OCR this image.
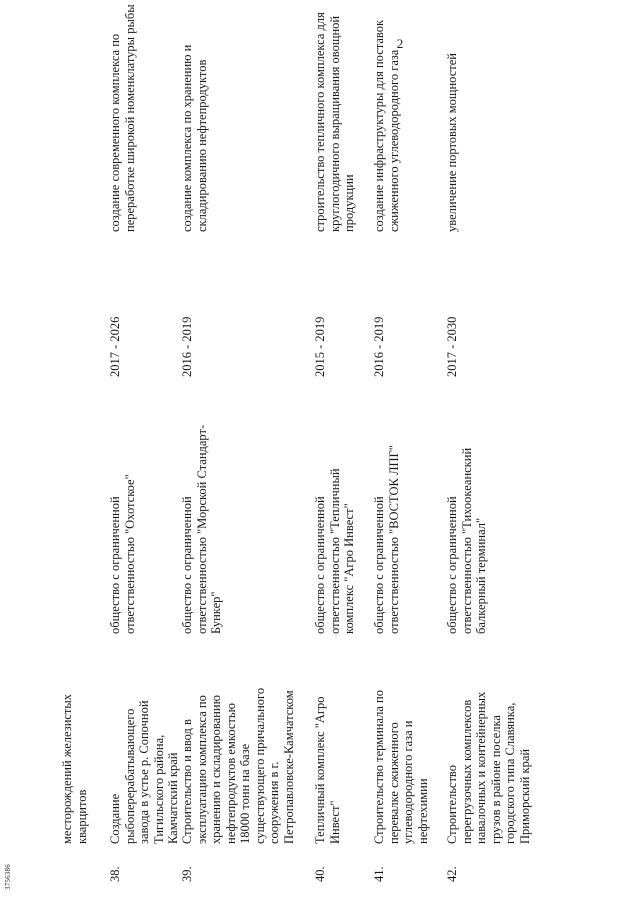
2
месторождений железистых кварцитов
38.
Создание рыбоперерабатывающего завода в устье р. Сопочной Тигильского района, Камчатский край
общество с ограниченной ответственностью "Охотское"
2017 - 2026
создание современного комплекса по переработке широкой номенклатуры рыбы
39.
Строительство и ввод в эксплуатацию комплекса по хранению и складированию нефтепродуктов емкостью 18000 тонн на базе существующего причального сооружения в г. Петропавловске-Камчатском
общество с ограниченной ответственностью "Морской Стандарт-Бункер"
2016 - 2019
создание комплекса по хранению и складированию нефтепродуктов
40.
Тепличный комплекс "Агро Инвест"
общество с ограниченной ответственностью "Тепличный комплекс "Агро Инвест"
2015 - 2019
строительство тепличного комплекса для круглогодичного выращивания овощной продукции
41.
Строительство терминала по перевалке сжиженного углеводородного газа и нефтехимии
общество с ограниченной ответственностью "ВОСТОК ЛПГ"
2016 - 2019
создание инфраструктуры для поставок сжиженного углеводородного газа
42.
Строительство перегрузочных комплексов навалочных и контейнерных грузов в районе поселка городского типа Славянка, Приморский край
общество с ограниченной ответственностью "Тихоокеанский балкерный терминал"
2017 - 2030
увеличение портовых мощностей
3756386
